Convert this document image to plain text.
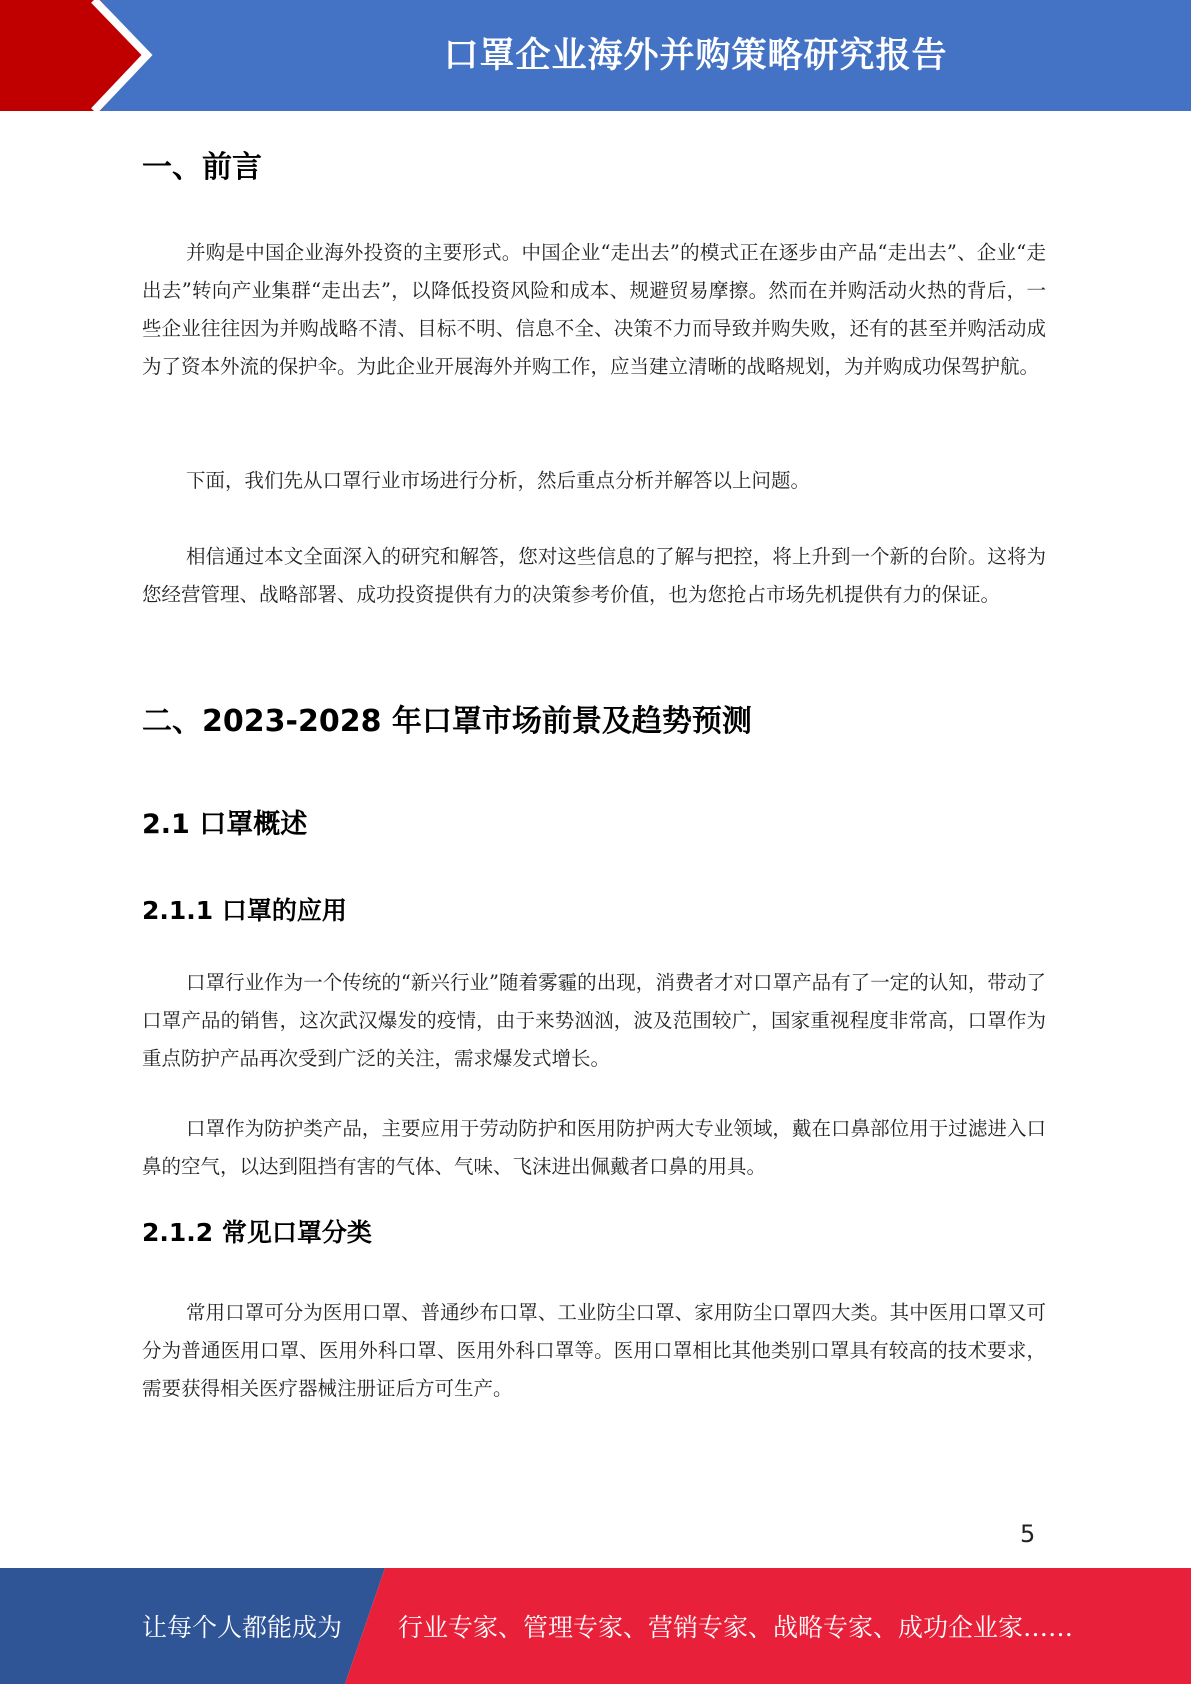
口罩企业海外并购策略研究报告
一、前言

并购是中国企业海外投资的主要形式。中国企业“走出去”的模式正在逐步由产品“走出去”、企业“走出去”转向产业集群“走出去”，以降低投资风险和成本、规避贸易摩擦。然而在并购活动火热的背后，一些企业往往因为并购战略不清、目标不明、信息不全、决策不力而导致并购失败，还有的甚至并购活动成为了资本外流的保护伞。为此企业开展海外并购工作，应当建立清晰的战略规划，为并购成功保驾护航。

下面，我们先从口罩行业市场进行分析，然后重点分析并解答以上问题。

相信通过本文全面深入的研究和解答，您对这些信息的了解与把控，将上升到一个新的台阶。这将为您经营管理、战略部署、成功投资提供有力的决策参考价值，也为您抢占市场先机提供有力的保证。

二、2023-2028 年口罩市场前景及趋势预测
2.1 口罩概述
2.1.1 口罩的应用

口罩行业作为一个传统的“新兴行业”随着雾霾的出现，消费者才对口罩产品有了一定的认知，带动了口罩产品的销售，这次武汉爆发的疫情，由于来势汹汹，波及范围较广，国家重视程度非常高，口罩作为重点防护产品再次受到广泛的关注，需求爆发式增长。

口罩作为防护类产品，主要应用于劳动防护和医用防护两大专业领域，戴在口鼻部位用于过滤进入口鼻的空气，以达到阻挡有害的气体、气味、飞沫进出佩戴者口鼻的用具。

2.1.2 常见口罩分类

常用口罩可分为医用口罩、普通纱布口罩、工业防尘口罩、家用防尘口罩四大类。其中医用口罩又可分为普通医用口罩、医用外科口罩、医用外科口罩等。医用口罩相比其他类别口罩具有较高的技术要求，需要获得相关医疗器械注册证后方可生产。

5
让每个人都能成为 行业专家、管理专家、营销专家、战略专家、成功企业家……
